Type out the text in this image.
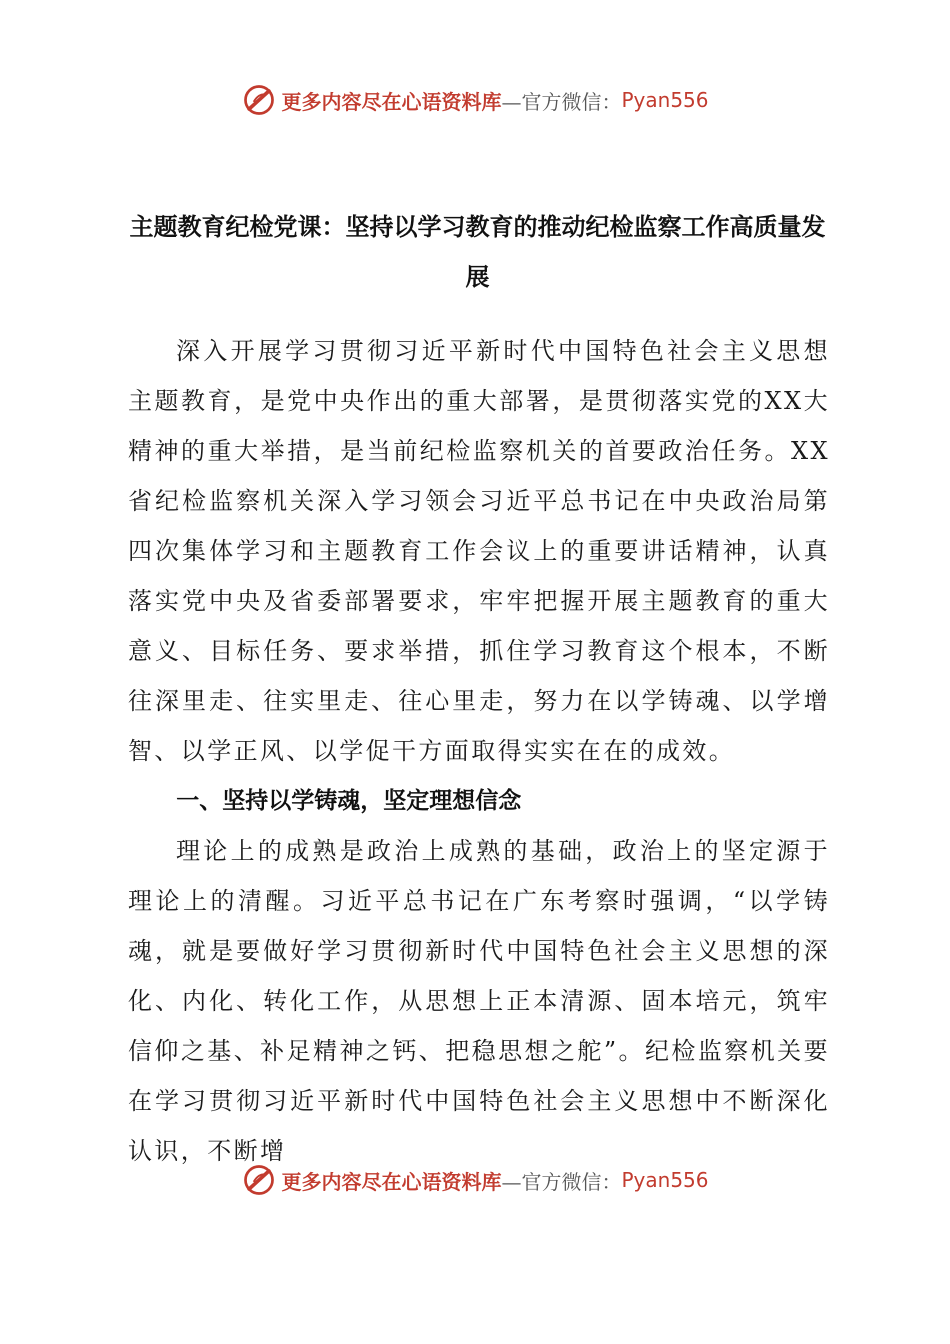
更多内容尽在心语资料库 —官方微信： Pyan556
主题教育纪检党课：坚持以学习教育的推动纪检监察工作高质量发展

深入开展学习贯彻习近平新时代中国特色社会主义思想主题教育，是党中央作出的重大部署，是贯彻落实党的XX大精神的重大举措，是当前纪检监察机关的首要政治任务。XX省纪检监察机关深入学习领会习近平总书记在中央政治局第四次集体学习和主题教育工作会议上的重要讲话精神，认真落实党中央及省委部署要求，牢牢把握开展主题教育的重大意义、目标任务、要求举措，抓住学习教育这个根本，不断往深里走、往实里走、往心里走，努力在以学铸魂、以学增智、以学正风、以学促干方面取得实实在在的成效。

一、坚持以学铸魂，坚定理想信念

理论上的成熟是政治上成熟的基础，政治上的坚定源于理论上的清醒。习近平总书记在广东考察时强调，“以学铸魂，就是要做好学习贯彻新时代中国特色社会主义思想的深化、内化、转化工作，从思想上正本清源、固本培元，筑牢信仰之基、补足精神之钙、把稳思想之舵”。纪检监察机关要在学习贯彻习近平新时代中国特色社会主义思想中不断深化认识，不断增

更多内容尽在心语资料库 —官方微信： Pyan556
